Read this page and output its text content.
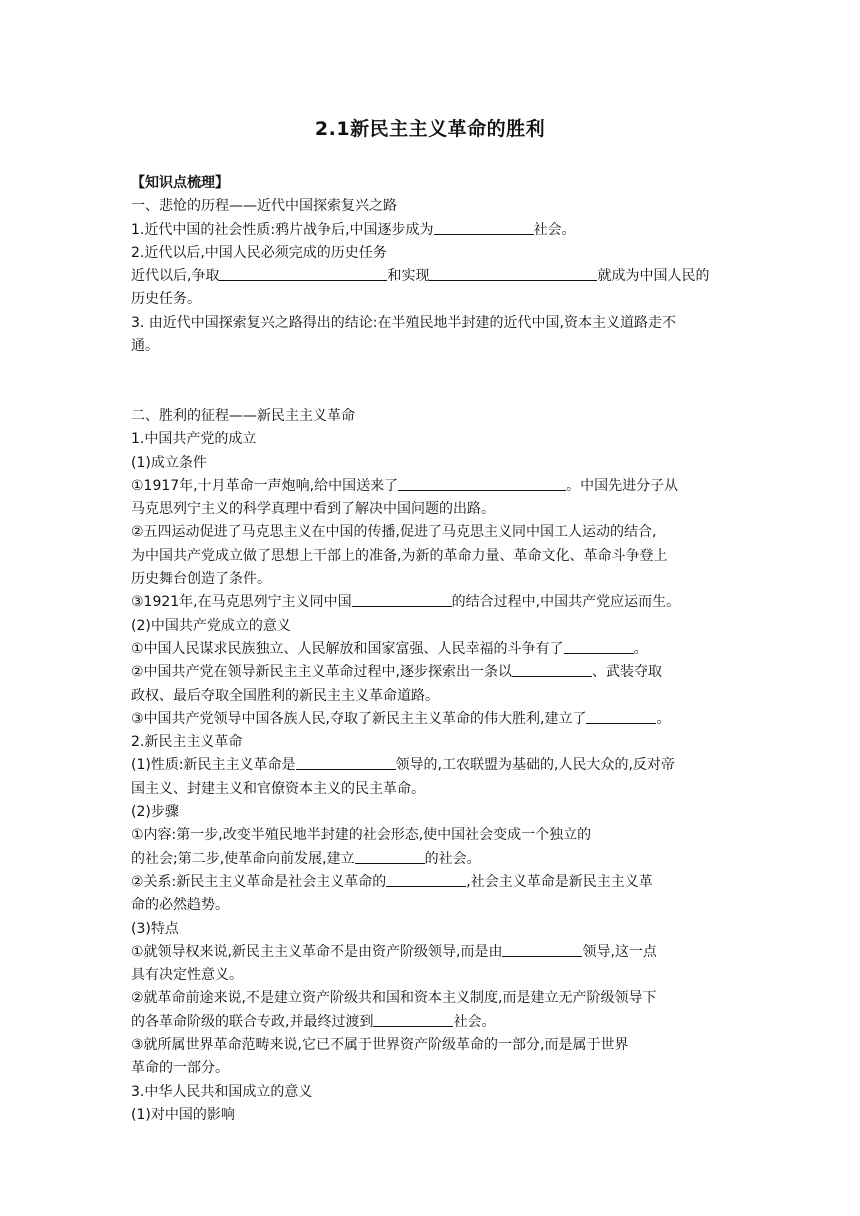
2.1新民主主义革命的胜利
【知识点梳理】
一、悲怆的历程——近代中国探索复兴之路
1.近代中国的社会性质:鸦片战争后,中国逐步成为	社会。
2.近代以后,中国人民必须完成的历史任务
近代以后,争取	和实现	就成为中国人民的
历史任务。
3. 由近代中国探索复兴之路得出的结论:在半殖民地半封建的近代中国,资本主义道路走不
通。
二、胜利的征程——新民主主义革命
1.中国共产党的成立
(1)成立条件
①1917年,十月革命一声炮响,给中国送来了	。中国先进分子从
马克思列宁主义的科学真理中看到了解决中国问题的出路。
②五四运动促进了马克思主义在中国的传播,促进了马克思主义同中国工人运动的结合,
为中国共产党成立做了思想上干部上的准备,为新的革命力量、革命文化、革命斗争登上
历史舞台创造了条件。
③1921年,在马克思列宁主义同中国	的结合过程中,中国共产党应运而生。
(2)中国共产党成立的意义
①中国人民谋求民族独立、人民解放和国家富强、人民幸福的斗争有了	。
②中国共产党在领导新民主主义革命过程中,逐步探索出一条以	、武装夺取
政权、最后夺取全国胜利的新民主主义革命道路。
③中国共产党领导中国各族人民,夺取了新民主主义革命的伟大胜利,建立了	。
2.新民主主义革命
(1)性质:新民主主义革命是	领导的,工农联盟为基础的,人民大众的,反对帝
国主义、封建主义和官僚资本主义的民主革命。
(2)步骤
①内容:第一步,改变半殖民地半封建的社会形态,使中国社会变成一个独立的
的社会;第二步,使革命向前发展,建立	的社会。
②关系:新民主主义革命是社会主义革命的	,社会主义革命是新民主主义革
命的必然趋势。
(3)特点
①就领导权来说,新民主主义革命不是由资产阶级领导,而是由	领导,这一点
具有决定性意义。
②就革命前途来说,不是建立资产阶级共和国和资本主义制度,而是建立无产阶级领导下
的各革命阶级的联合专政,并最终过渡到	社会。
③就所属世界革命范畴来说,它已不属于世界资产阶级革命的一部分,而是属于世界
革命的一部分。
3.中华人民共和国成立的意义
(1)对中国的影响
